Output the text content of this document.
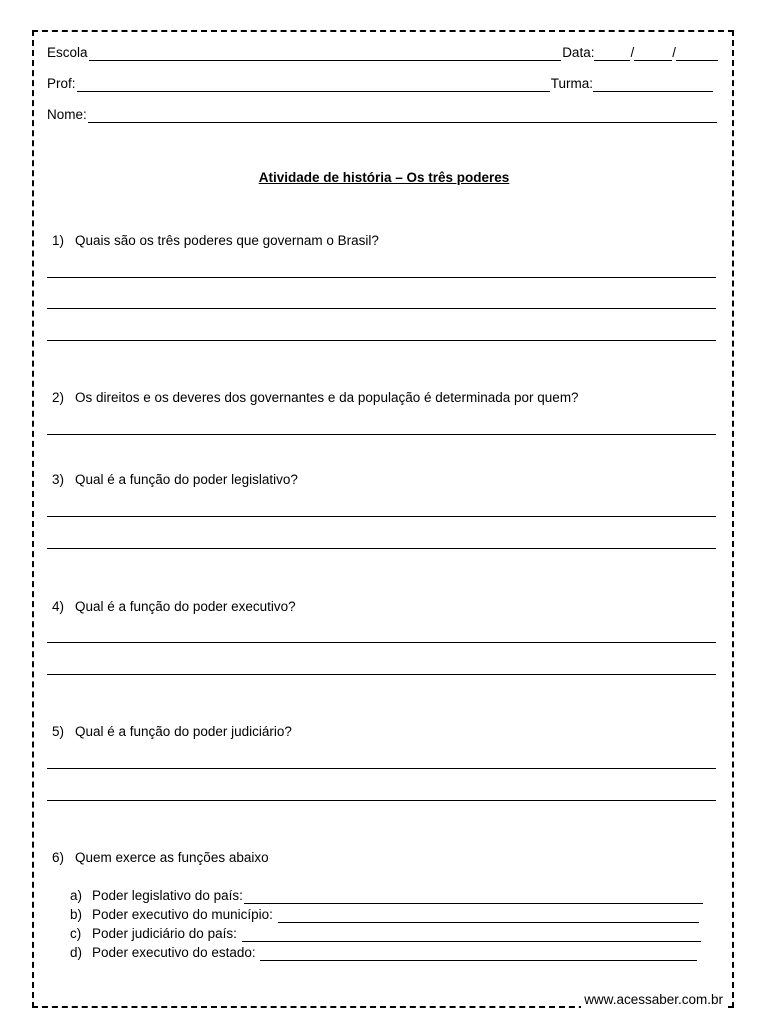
Escola	Data:	/	/
Prof:	Turma:
Nome:
Atividade de história – Os três poderes
1) Quais são os três poderes que governam o Brasil?
2) Os direitos e os deveres dos governantes e da população é determinada por quem?
3) Qual é a função do poder legislativo?
4) Qual é a função do poder executivo?
5) Qual é a função do poder judiciário?
6) Quem exerce as funções abaixo
a) Poder legislativo do país:
b) Poder executivo do município:
c) Poder judiciário do país:
d) Poder executivo do estado:
www.acessaber.com.br
